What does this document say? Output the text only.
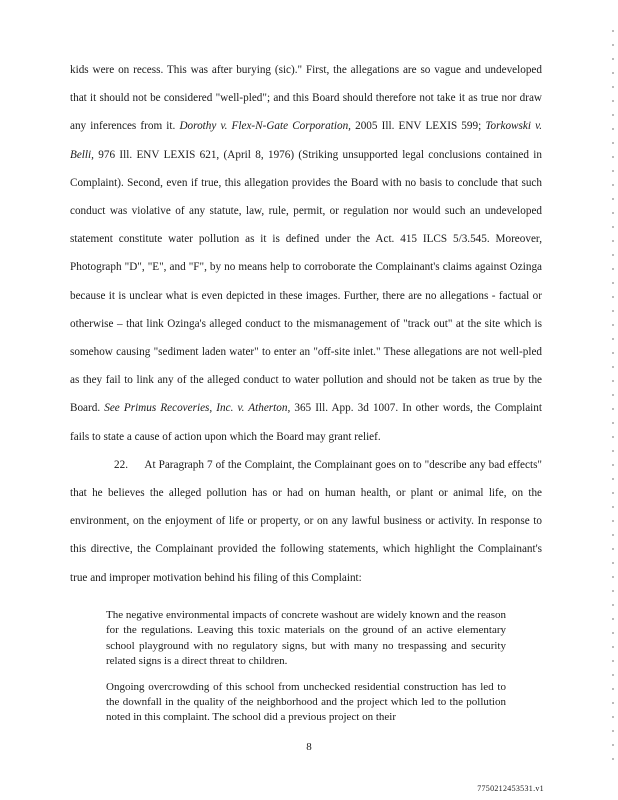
kids were on recess. This was after burying (sic)." First, the allegations are so vague and undeveloped that it should not be considered "well-pled"; and this Board should therefore not take it as true nor draw any inferences from it. Dorothy v. Flex-N-Gate Corporation, 2005 Ill. ENV LEXIS 599; Torkowski v. Belli, 976 Ill. ENV LEXIS 621, (April 8, 1976) (Striking unsupported legal conclusions contained in Complaint). Second, even if true, this allegation provides the Board with no basis to conclude that such conduct was violative of any statute, law, rule, permit, or regulation nor would such an undeveloped statement constitute water pollution as it is defined under the Act. 415 ILCS 5/3.545. Moreover, Photograph "D", "E", and "F", by no means help to corroborate the Complainant's claims against Ozinga because it is unclear what is even depicted in these images. Further, there are no allegations - factual or otherwise – that link Ozinga's alleged conduct to the mismanagement of "track out" at the site which is somehow causing "sediment laden water" to enter an "off-site inlet." These allegations are not well-pled as they fail to link any of the alleged conduct to water pollution and should not be taken as true by the Board. See Primus Recoveries, Inc. v. Atherton, 365 Ill. App. 3d 1007. In other words, the Complaint fails to state a cause of action upon which the Board may grant relief.

22. At Paragraph 7 of the Complaint, the Complainant goes on to "describe any bad effects" that he believes the alleged pollution has or had on human health, or plant or animal life, on the environment, on the enjoyment of life or property, or on any lawful business or activity. In response to this directive, the Complainant provided the following statements, which highlight the Complainant's true and improper motivation behind his filing of this Complaint:

The negative environmental impacts of concrete washout are widely known and the reason for the regulations. Leaving this toxic materials on the ground of an active elementary school playground with no regulatory signs, but with many no trespassing and security related signs is a direct threat to children.

Ongoing overcrowding of this school from unchecked residential construction has led to the downfall in the quality of the neighborhood and the project which led to the pollution noted in this complaint. The school did a previous project on their

8
7750212453531.v1
